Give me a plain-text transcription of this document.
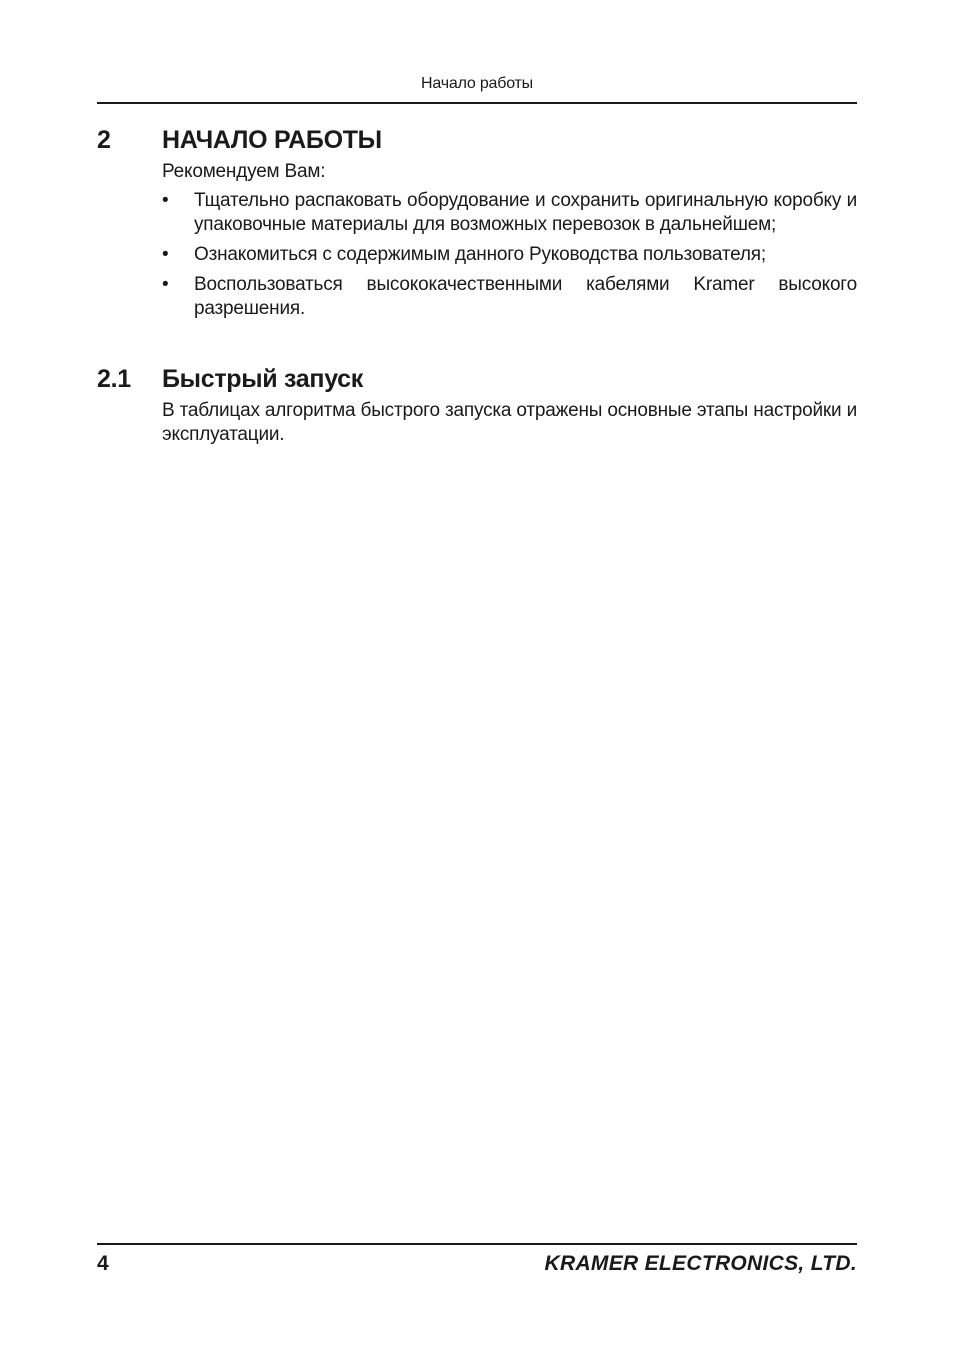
Начало работы
2 НАЧАЛО РАБОТЫ
Рекомендуем Вам:
• Тщательно распаковать оборудование и сохранить оригинальную коробку и упаковочные материалы для возможных перевозок в дальнейшем;
• Ознакомиться с содержимым данного Руководства пользователя;
• Воспользоваться высококачественными кабелями Kramer высокого разрешения.
2.1 Быстрый запуск
В таблицах алгоритма быстрого запуска отражены основные этапы настройки и эксплуатации.
4	KRAMER ELECTRONICS, LTD.
